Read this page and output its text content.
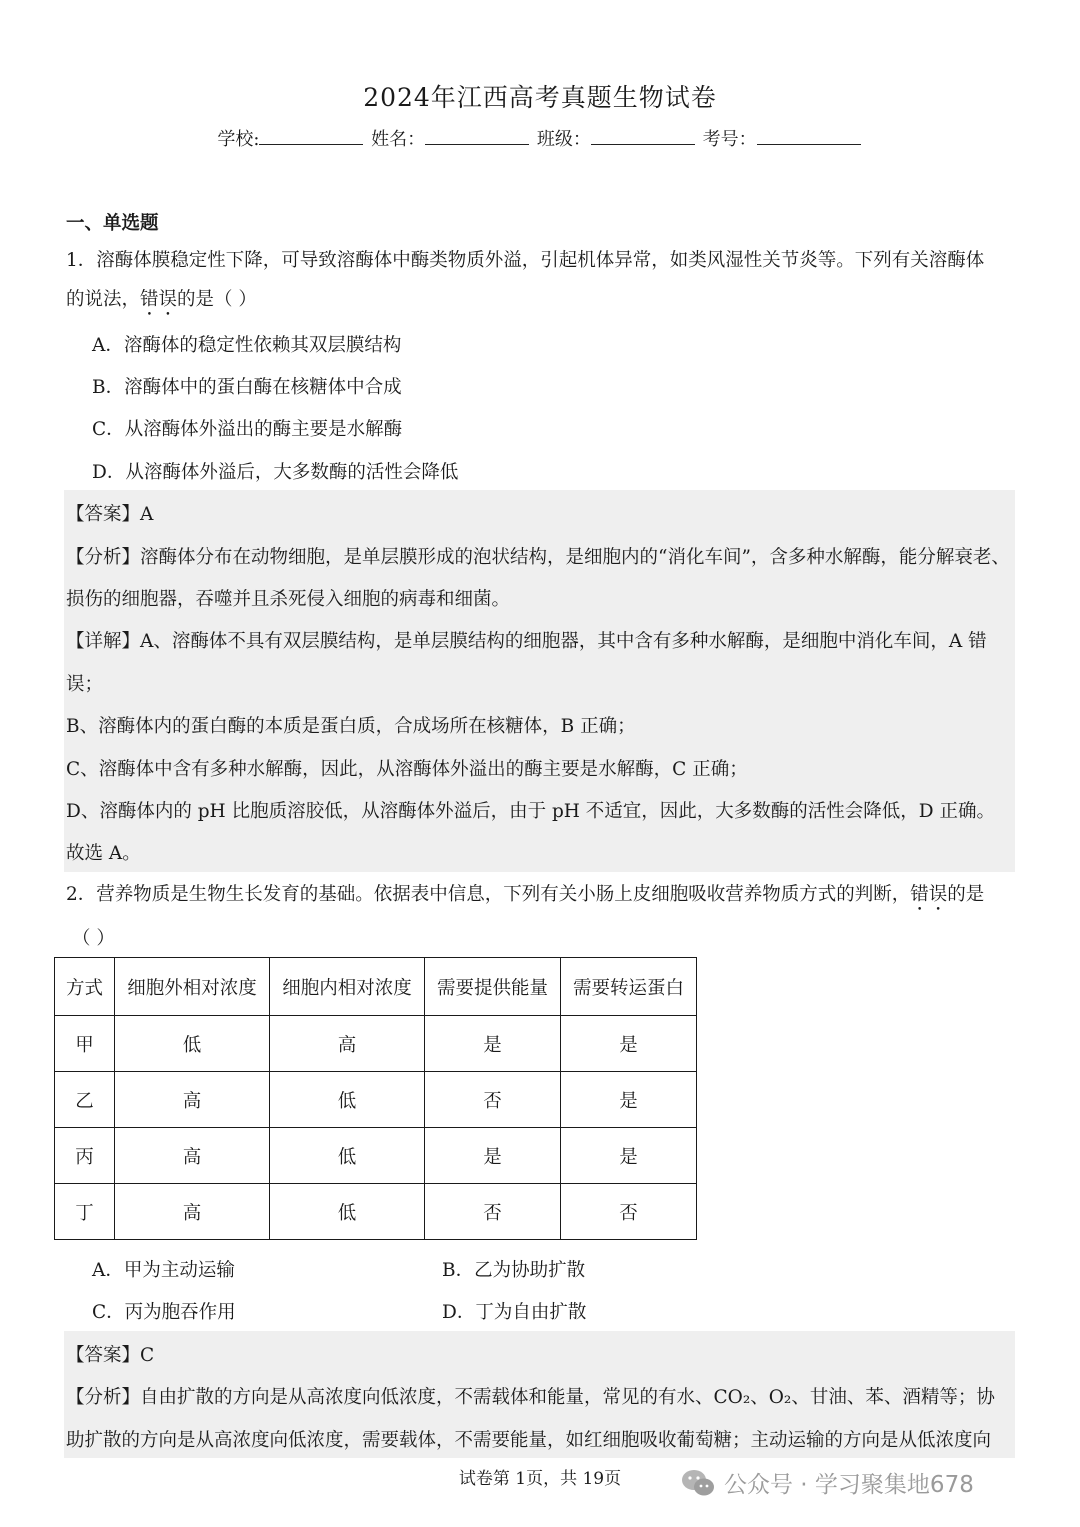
2024年江西高考真题生物试卷
学校:	姓名：	班级：	考号：
一、单选题
1．溶酶体膜稳定性下降，可导致溶酶体中酶类物质外溢，引起机体异常，如类风湿性关节炎等。下列有关溶酶体
的说法，错误的是（ ）
A．溶酶体的稳定性依赖其双层膜结构
B．溶酶体中的蛋白酶在核糖体中合成
C．从溶酶体外溢出的酶主要是水解酶
D．从溶酶体外溢后，大多数酶的活性会降低
【答案】A
【分析】溶酶体分布在动物细胞，是单层膜形成的泡状结构，是细胞内的“消化车间”，含多种水解酶，能分解衰老、
损伤的细胞器，吞噬并且杀死侵入细胞的病毒和细菌。
【详解】A、溶酶体不具有双层膜结构，是单层膜结构的细胞器，其中含有多种水解酶，是细胞中消化车间，A 错
误；
B、溶酶体内的蛋白酶的本质是蛋白质，合成场所在核糖体，B 正确；
C、溶酶体中含有多种水解酶，因此，从溶酶体外溢出的酶主要是水解酶，C 正确；
D、溶酶体内的 pH 比胞质溶胶低，从溶酶体外溢后，由于 pH 不适宜，因此，大多数酶的活性会降低，D 正确。
故选 A。
2．营养物质是生物生长发育的基础。依据表中信息，下列有关小肠上皮细胞吸收营养物质方式的判断，错误的是
（ ）
方式	细胞外相对浓度	细胞内相对浓度	需要提供能量	需要转运蛋白
甲	低	高	是	是
乙	高	低	否	是
丙	高	低	是	是
丁	高	低	否	否
A．甲为主动运输	B．乙为协助扩散
C．丙为胞吞作用	D．丁为自由扩散
【答案】C
【分析】自由扩散的方向是从高浓度向低浓度，不需载体和能量，常见的有水、CO₂、O₂、甘油、苯、酒精等；协
助扩散的方向是从高浓度向低浓度，需要载体，不需要能量，如红细胞吸收葡萄糖；主动运输的方向是从低浓度向
试卷第 1页，共 19页	公众号 · 学习聚集地678
